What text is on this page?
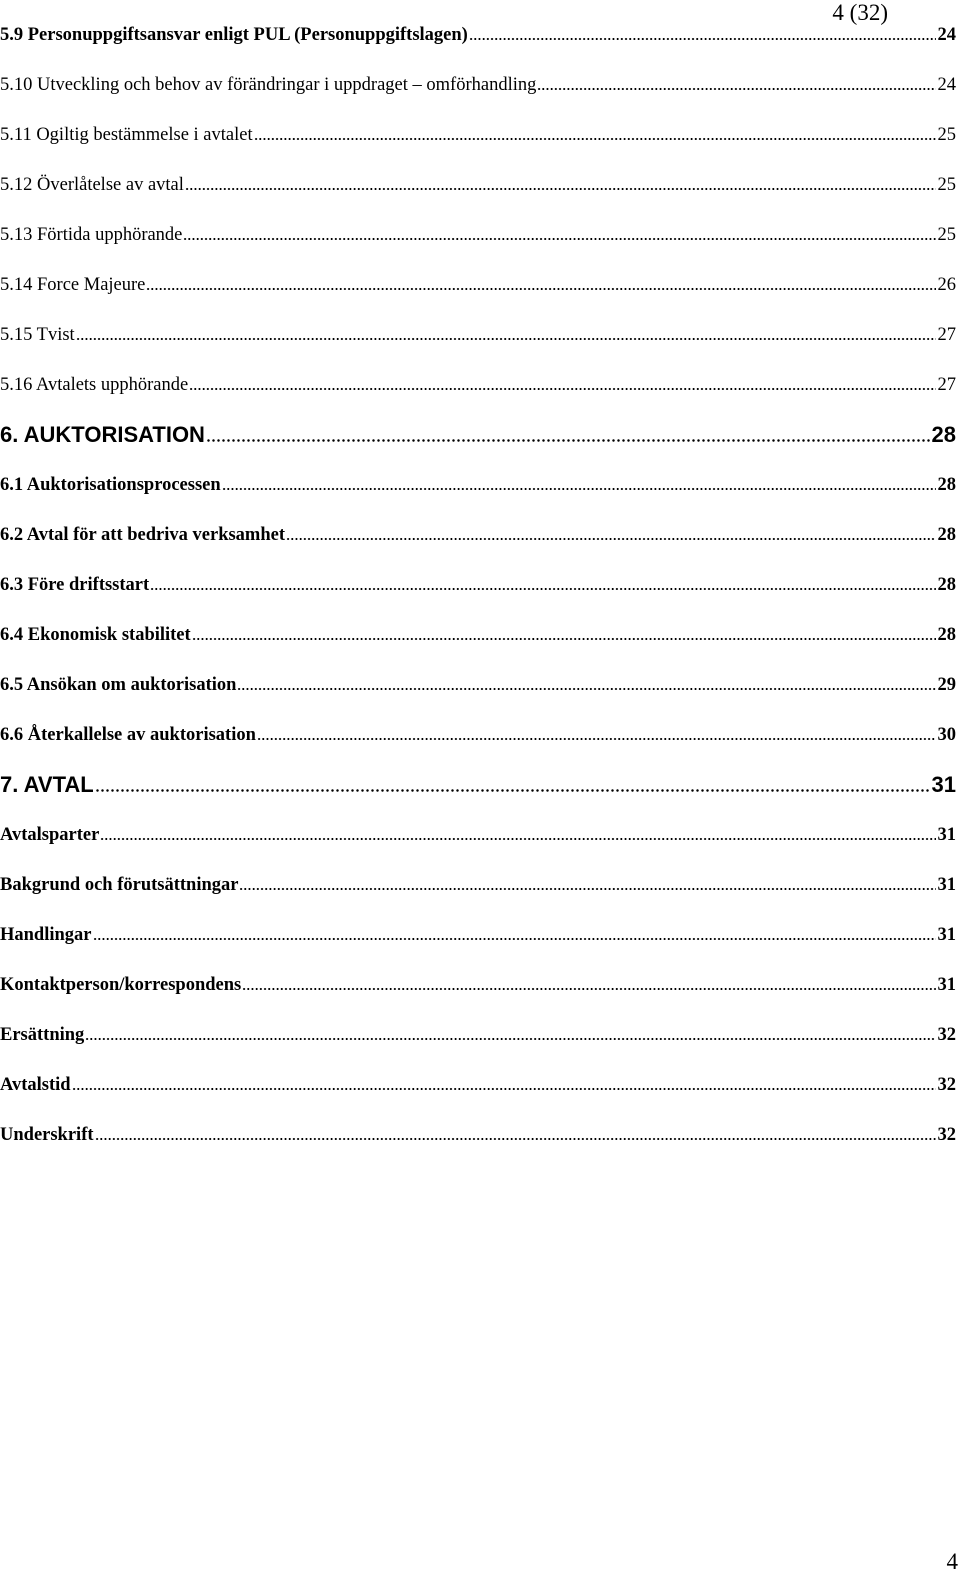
4 (32)
5.9 Personuppgiftsansvar enligt PUL (Personuppgiftslagen)	24
5.10 Utveckling och behov av förändringar i uppdraget – omförhandling	24
5.11 Ogiltig bestämmelse i avtalet	25
5.12 Överlåtelse av avtal	25
5.13 Förtida upphörande	25
5.14 Force Majeure	26
5.15 Tvist	27
5.16 Avtalets upphörande	27
6. AUKTORISATION	28
6.1 Auktorisationsprocessen	28
6.2 Avtal för att bedriva verksamhet	28
6.3 Före driftsstart	28
6.4 Ekonomisk stabilitet	28
6.5 Ansökan om auktorisation	29
6.6 Återkallelse av auktorisation	30
7. AVTAL	31
Avtalsparter	31
Bakgrund och förutsättningar	31
Handlingar	31
Kontaktperson/korrespondens	31
Ersättning	32
Avtalstid	32
Underskrift	32
4
